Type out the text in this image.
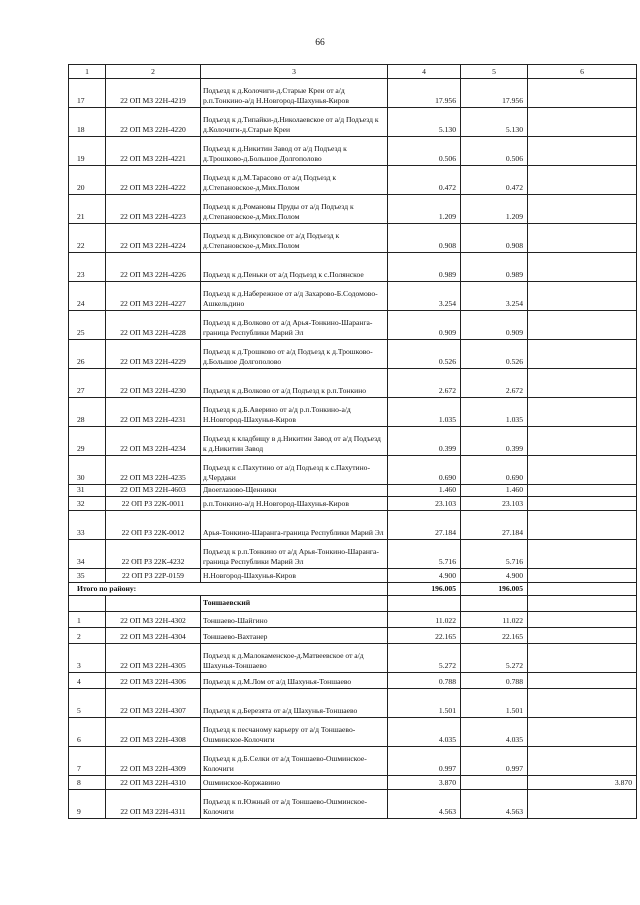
66
1	2	3	4	5	6
17	22 ОП МЗ 22Н-4219	Подъезд к д.Колочиги-д.Старые Креи от а/д р.п.Тонкино-а/д Н.Новгород-Шахунья-Киров	17.956	17.956	
18	22 ОП МЗ 22Н-4220	Подъезд к д.Типайки-д.Николаевское от а/д Подъезд к д.Колочиги-д.Старые Креи	5.130	5.130	
19	22 ОП МЗ 22Н-4221	Подъезд к д.Никитин Завод от а/д Подъезд к д.Трошково-д.Большое Долгополово	0.506	0.506	
20	22 ОП МЗ 22Н-4222	Подъезд к д.М.Тарасово от а/д Подъезд к д.Степановское-д.Мих.Полом	0.472	0.472	
21	22 ОП МЗ 22Н-4223	Подъезд к д.Романовы Пруды от а/д Подъезд к д.Степановское-д.Мих.Полом	1.209	1.209	
22	22 ОП МЗ 22Н-4224	Подъезд к д.Викуловское от а/д Подъезд к д.Степановское-д.Мих.Полом	0.908	0.908	
23	22 ОП МЗ 22Н-4226	Подъезд к д.Пеньки от а/д Подъезд к с.Полянское	0.989	0.989	
24	22 ОП МЗ 22Н-4227	Подъезд к д.Набережное от а/д Захарово-Б.Содомово-Ашкельдино	3.254	3.254	
25	22 ОП МЗ 22Н-4228	Подъезд к д.Волково от а/д Арья-Тонкино-Шаранга-граница Республики Марий Эл	0.909	0.909	
26	22 ОП МЗ 22Н-4229	Подъезд к д.Трошково от а/д Подъезд к д.Трошково-д.Большое Долгополово	0.526	0.526	
27	22 ОП МЗ 22Н-4230	Подъезд к д.Волково от а/д Подъезд к р.п.Тонкино	2.672	2.672	
28	22 ОП МЗ 22Н-4231	Подъезд к д.Б.Аверино от а/д р.п.Тонкино-а/д Н.Новгород-Шахунья-Киров	1.035	1.035	
29	22 ОП МЗ 22Н-4234	Подъезд к кладбищу в д.Никитин Завод от а/д Подъезд к д.Никитин Завод	0.399	0.399	
30	22 ОП МЗ 22Н-4235	Подъезд к с.Пахутино от а/д Подъезд к с.Пахутино-д.Чердаки	0.690	0.690	
31	22 ОП МЗ 22Н-4603	Двоеглазово-Щенники	1.460	1.460	
32	22 ОП РЗ 22К-0011	р.п.Тонкино-а/д Н.Новгород-Шахунья-Киров	23.103	23.103	
33	22 ОП РЗ 22К-0012	Арья-Тонкино-Шаранга-граница Республики Марий Эл	27.184	27.184	
34	22 ОП РЗ 22К-4232	Подъезд к р.п.Тонкино от а/д Арья-Тонкино-Шаранга-граница Республики Марий Эл	5.716	5.716	
35	22 ОП РЗ 22Р-0159	Н.Новгород-Шахунья-Киров	4.900	4.900	
Итого по району:			196.005	196.005	
		Тоншаевский			
1	22 ОП МЗ 22Н-4302	Тоншаево-Шайгино	11.022	11.022	
2	22 ОП МЗ 22Н-4304	Тоншаево-Вахтанер	22.165	22.165	
3	22 ОП МЗ 22Н-4305	Подъезд к д.Малокаменское-д.Матвеевское от а/д Шахунья-Тоншаево	5.272	5.272	
4	22 ОП МЗ 22Н-4306	Подъезд к д.М.Лом от а/д Шахунья-Тоншаево	0.788	0.788	
5	22 ОП МЗ 22Н-4307	Подъезд к д.Березята от а/д Шахунья-Тоншаево	1.501	1.501	
6	22 ОП МЗ 22Н-4308	Подъезд к песчаному карьеру от а/д Тоншаево-Ошминское-Колочиги	4.035	4.035	
7	22 ОП МЗ 22Н-4309	Подъезд к д.Б.Селки от а/д Тоншаево-Ошминское-Колочиги	0.997	0.997	
8	22 ОП МЗ 22Н-4310	Ошминское-Коржавино	3.870		3.870
9	22 ОП МЗ 22Н-4311	Подъезд к п.Южный от а/д Тоншаево-Ошминское-Колочиги	4.563	4.563	
